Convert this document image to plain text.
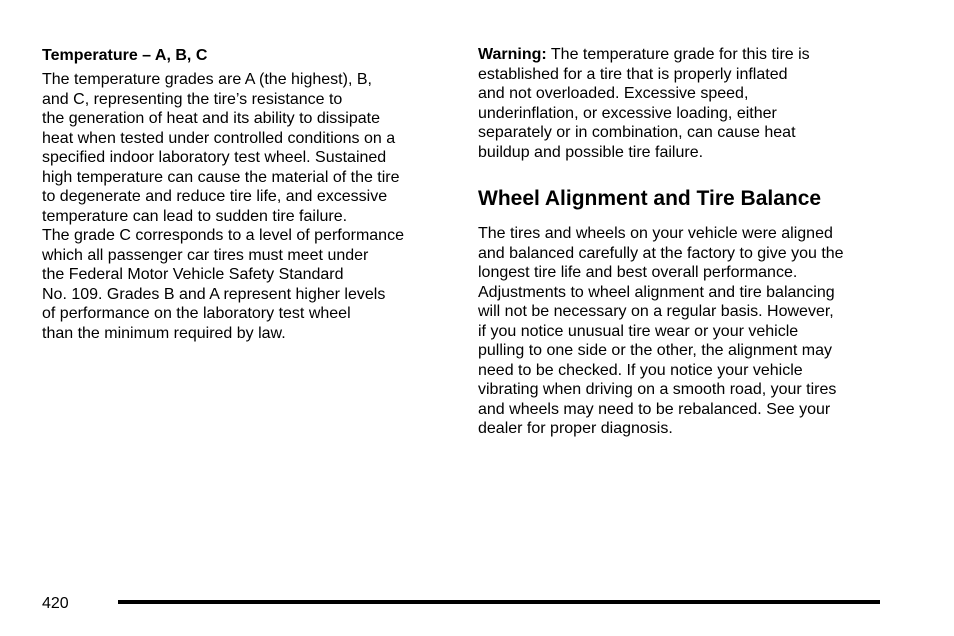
Temperature – A, B, C

The temperature grades are A (the highest), B,

and C, representing the tire’s resistance to

the generation of heat and its ability to dissipate

heat when tested under controlled conditions on a

specified indoor laboratory test wheel. Sustained

high temperature can cause the material of the tire

to degenerate and reduce tire life, and excessive

temperature can lead to sudden tire failure.

The grade C corresponds to a level of performance

which all passenger car tires must meet under

the Federal Motor Vehicle Safety Standard

No. 109. Grades B and A represent higher levels

of performance on the laboratory test wheel

than the minimum required by law.

Warning: The temperature grade for this tire is

established for a tire that is properly inflated

and not overloaded. Excessive speed,

underinflation, or excessive loading, either

separately or in combination, can cause heat

buildup and possible tire failure.

Wheel Alignment and Tire Balance

The tires and wheels on your vehicle were aligned

and balanced carefully at the factory to give you the

longest tire life and best overall performance.

Adjustments to wheel alignment and tire balancing

will not be necessary on a regular basis. However,

if you notice unusual tire wear or your vehicle

pulling to one side or the other, the alignment may

need to be checked. If you notice your vehicle

vibrating when driving on a smooth road, your tires

and wheels may need to be rebalanced. See your

dealer for proper diagnosis.

420
